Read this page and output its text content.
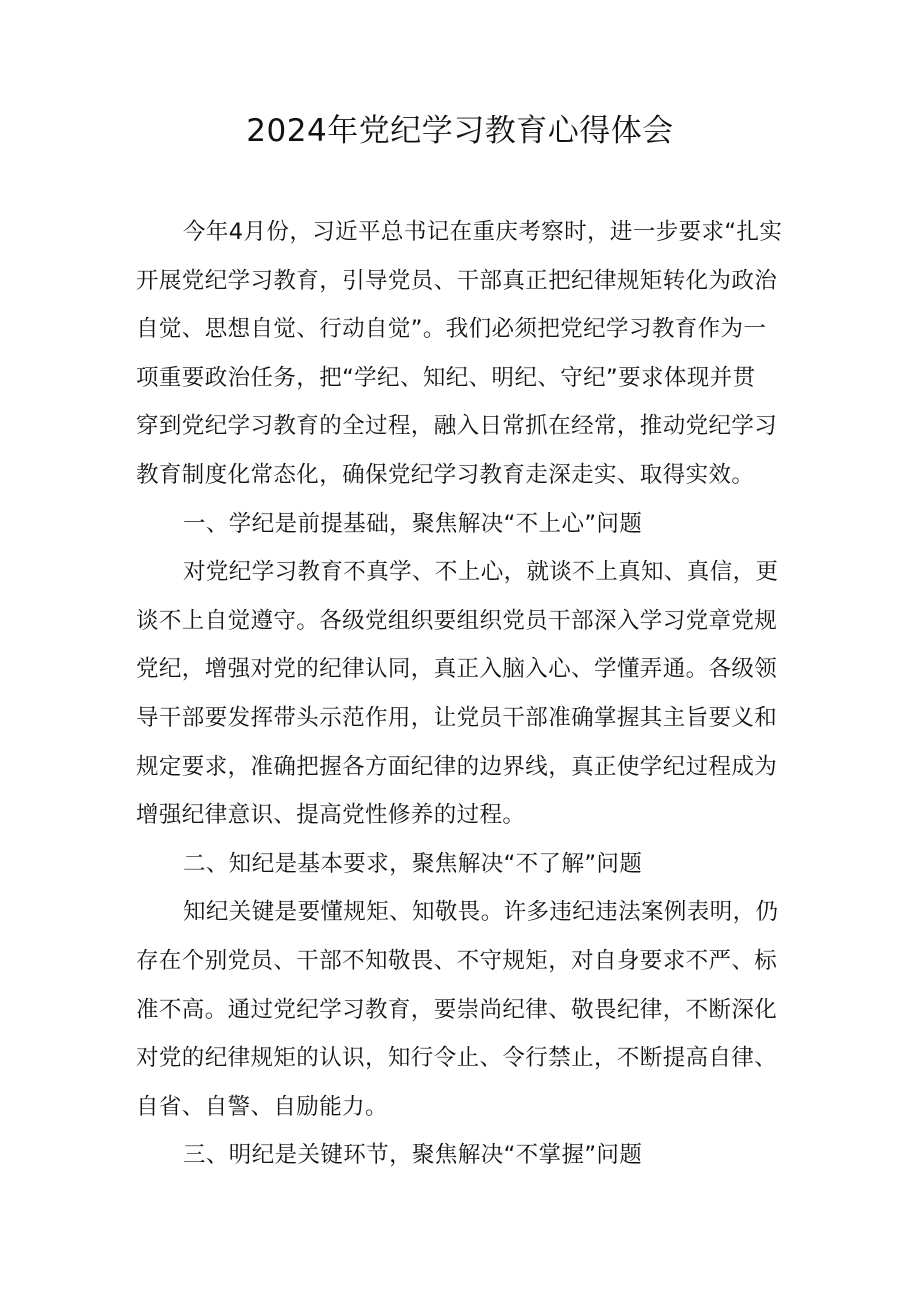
2024年党纪学习教育心得体会
今年4月份，习近平总书记在重庆考察时，进一步要求“扎实
开展党纪学习教育，引导党员、干部真正把纪律规矩转化为政治
自觉、思想自觉、行动自觉”。我们必须把党纪学习教育作为一
项重要政治任务，把“学纪、知纪、明纪、守纪”要求体现并贯
穿到党纪学习教育的全过程，融入日常抓在经常，推动党纪学习
教育制度化常态化，确保党纪学习教育走深走实、取得实效。
一、学纪是前提基础，聚焦解决“不上心”问题
对党纪学习教育不真学、不上心，就谈不上真知、真信，更
谈不上自觉遵守。各级党组织要组织党员干部深入学习党章党规
党纪，增强对党的纪律认同，真正入脑入心、学懂弄通。各级领
导干部要发挥带头示范作用，让党员干部准确掌握其主旨要义和
规定要求，准确把握各方面纪律的边界线，真正使学纪过程成为
增强纪律意识、提高党性修养的过程。
二、知纪是基本要求，聚焦解决“不了解”问题
知纪关键是要懂规矩、知敬畏。许多违纪违法案例表明，仍
存在个别党员、干部不知敬畏、不守规矩，对自身要求不严、标
准不高。通过党纪学习教育，要崇尚纪律、敬畏纪律，不断深化
对党的纪律规矩的认识，知行令止、令行禁止，不断提高自律、
自省、自警、自励能力。
三、明纪是关键环节，聚焦解决“不掌握”问题
